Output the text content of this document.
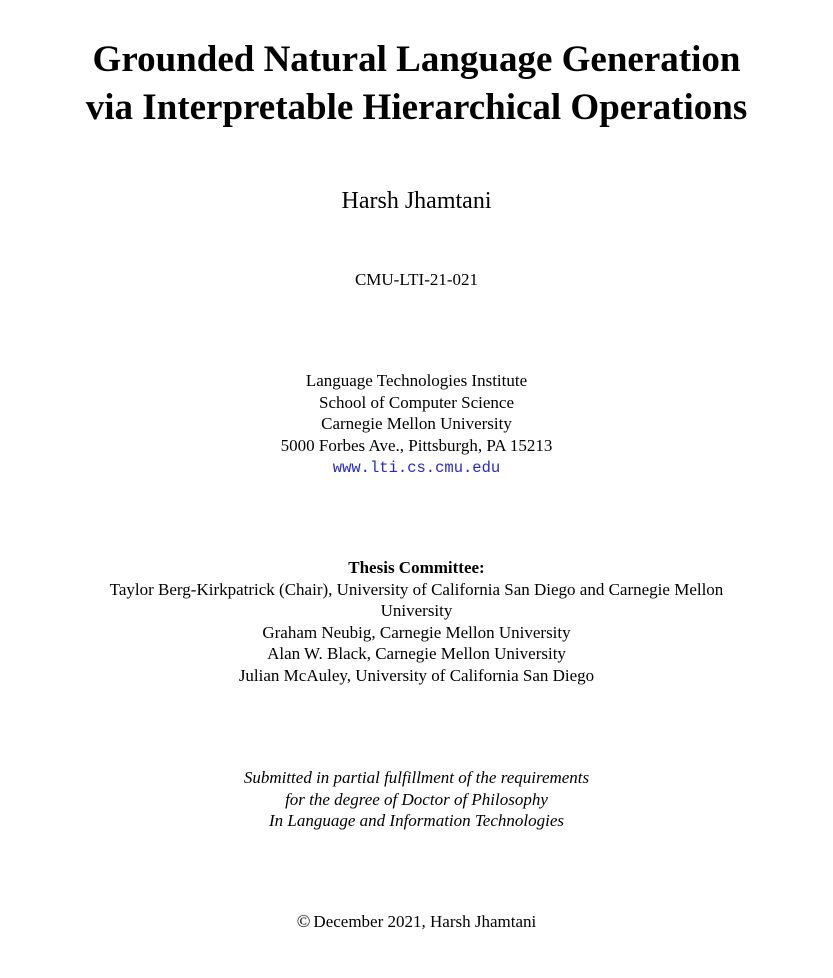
Grounded Natural Language Generation
via Interpretable Hierarchical Operations
Harsh Jhamtani
CMU-LTI-21-021
Language Technologies Institute
School of Computer Science
Carnegie Mellon University
5000 Forbes Ave., Pittsburgh, PA 15213
www.lti.cs.cmu.edu
Thesis Committee:
Taylor Berg-Kirkpatrick (Chair), University of California San Diego and Carnegie Mellon University
Graham Neubig, Carnegie Mellon University
Alan W. Black, Carnegie Mellon University
Julian McAuley, University of California San Diego
Submitted in partial fulfillment of the requirements
for the degree of Doctor of Philosophy
In Language and Information Technologies
© December 2021, Harsh Jhamtani
